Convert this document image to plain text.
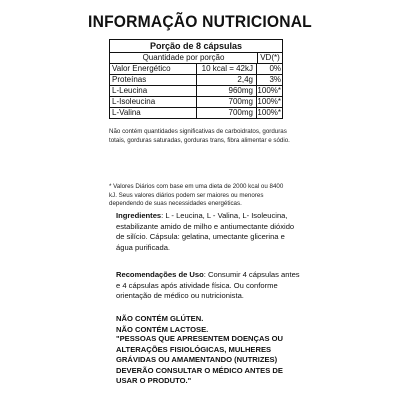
INFORMAÇÃO NUTRICIONAL
Porção de 8 cápsulas
Quantidade por porção	VD(*)
Valor Energético	10 kcal = 42kJ	0%
Proteínas	2,4g	3%
L-Leucina	960mg 100%*
L-Isoleucina	700mg 100%*
L-Valina	700mg 100%*
Não contém quantidades significativas de carboidratos, gorduras totais, gorduras saturadas, gorduras trans, fibra alimentar e sódio.
* Valores Diários com base em uma dieta de 2000 kcal ou 8400 kJ. Seus valores diários podem ser maiores ou menores dependendo de suas necessidades energéticas.
Ingredientes: L - Leucina, L - Valina, L- Isoleucina, estabilizante amido de milho e antiumectante dióxido de silício. Cápsula: gelatina, umectante glicerina e água purificada.
Recomendações de Uso: Consumir 4 cápsulas antes e 4 cápsulas após atividade física. Ou conforme orientação de médico ou nutricionista.
NÃO CONTÉM GLÚTEN.
NÃO CONTÉM LACTOSE.
"PESSOAS QUE APRESENTEM DOENÇAS OU ALTERAÇÕES FISIOLÓGICAS, MULHERES GRÁVIDAS OU AMAMENTANDO (NUTRIZES) DEVERÃO CONSULTAR O MÉDICO ANTES DE USAR O PRODUTO."
